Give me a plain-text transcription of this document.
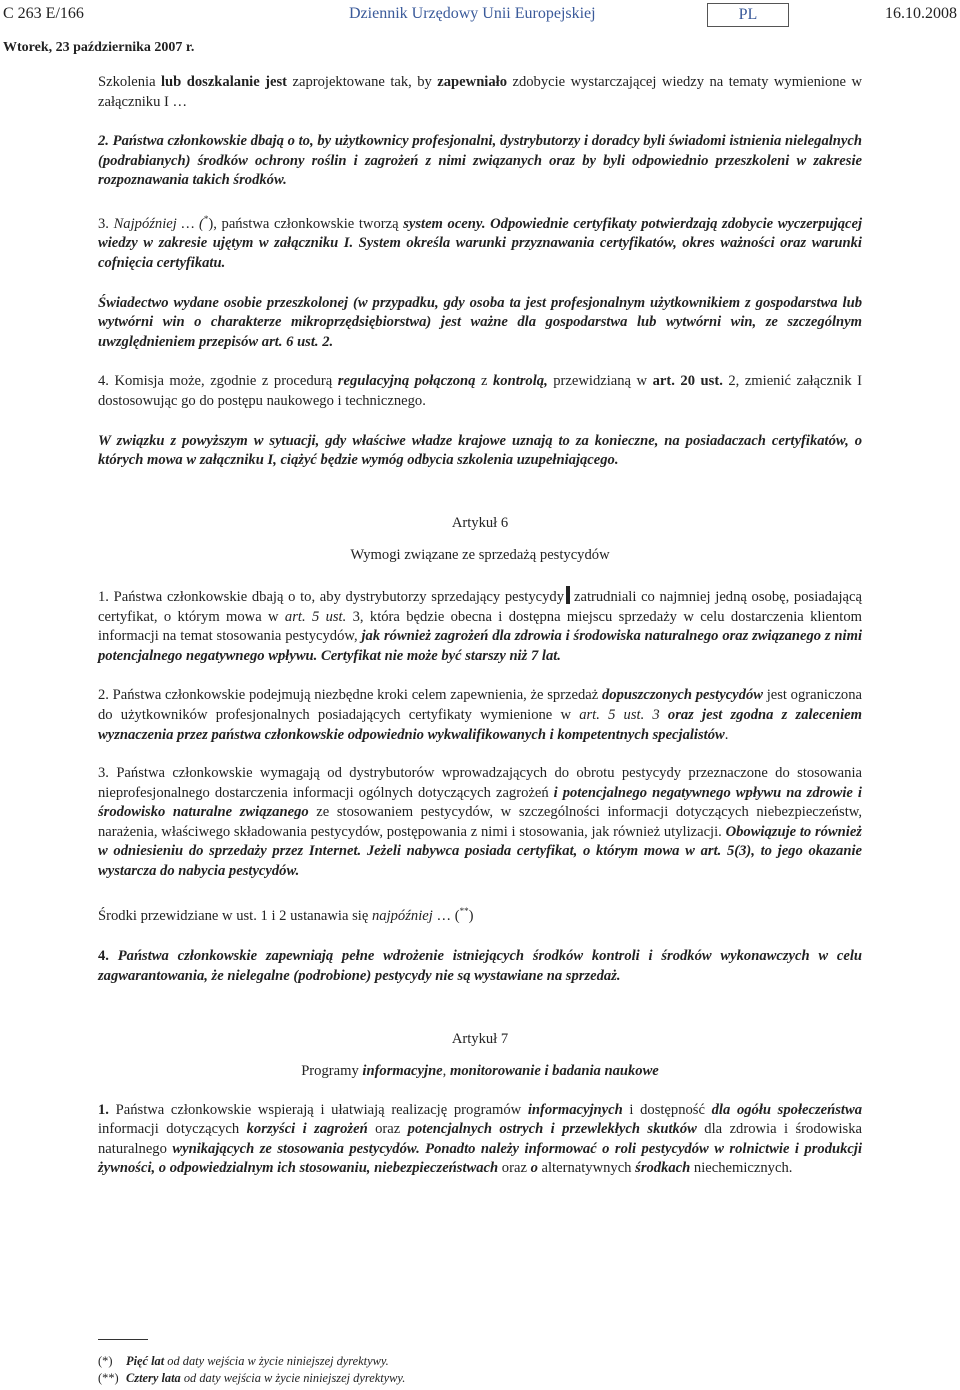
C 263 E/166	Dziennik Urzędowy Unii Europejskiej	PL	16.10.2008
Wtorek, 23 października 2007 r.

Szkolenia lub doszkalanie jest zaprojektowane tak, by zapewniało zdobycie wystarczającej wiedzy na tematy wymienione w załączniku I …

2. Państwa członkowskie dbają o to, by użytkownicy profesjonalni, dystrybutorzy i doradcy byli świadomi istnienia nielegalnych (podrabianych) środków ochrony roślin i zagrożeń z nimi związanych oraz by byli odpowiednio przeszkoleni w zakresie rozpoznawania takich środków.

3. Najpóźniej … (*), państwa członkowskie tworzą system oceny. Odpowiednie certyfikaty potwierdzają zdobycie wyczerpującej wiedzy w zakresie ujętym w załączniku I. System określa warunki przyznawania certyfikatów, okres ważności oraz warunki cofnięcia certyfikatu.

Świadectwo wydane osobie przeszkolonej (w przypadku, gdy osoba ta jest profesjonalnym użytkownikiem z gospodarstwa lub wytwórni win o charakterze mikroprzędsiębiorstwa) jest ważne dla gospodarstwa lub wytwórni win, ze szczególnym uwzględnieniem przepisów art. 6 ust. 2.

4. Komisja może, zgodnie z procedurą regulacyjną połączoną z kontrolą, przewidzianą w art. 20 ust. 2, zmienić załącznik I dostosowując go do postępu naukowego i technicznego.

W związku z powyższym w sytuacji, gdy właściwe władze krajowe uznają to za konieczne, na posiadaczach certyfikatów, o których mowa w załączniku I, ciążyć będzie wymóg odbycia szkolenia uzupełniającego.

Artykuł 6

Wymogi związane ze sprzedażą pestycydów

1. Państwa członkowskie dbają o to, aby dystrybutorzy sprzedający pestycydy zatrudniali co najmniej jedną osobę, posiadającą certyfikat, o którym mowa w art. 5 ust. 3, która będzie obecna i dostępna miejscu sprzedaży w celu dostarczenia klientom informacji na temat stosowania pestycydów, jak również zagrożeń dla zdrowia i środowiska naturalnego oraz związanego z nimi potencjalnego negatywnego wpływu. Certyfikat nie może być starszy niż 7 lat.

2. Państwa członkowskie podejmują niezbędne kroki celem zapewnienia, że sprzedaż dopuszczonych pestycydów jest ograniczona do użytkowników profesjonalnych posiadających certyfikaty wymienione w art. 5 ust. 3 oraz jest zgodna z zaleceniem wyznaczenia przez państwa członkowskie odpowiednio wykwalifikowanych i kompetentnych specjalistów.

3. Państwa członkowskie wymagają od dystrybutorów wprowadzających do obrotu pestycydy przeznaczone do stosowania nieprofesjonalnego dostarczenia informacji ogólnych dotyczących zagrożeń i potencjalnego negatywnego wpływu na zdrowie i środowisko naturalne związanego ze stosowaniem pestycydów, w szczególności informacji dotyczących niebezpieczeństw, narażenia, właściwego składowania pestycydów, postępowania z nimi i stosowania, jak również utylizacji. Obowiązuje to również w odniesieniu do sprzedaży przez Internet. Jeżeli nabywca posiada certyfikat, o którym mowa w art. 5(3), to jego okazanie wystarcza do nabycia pestycydów.

Środki przewidziane w ust. 1 i 2 ustanawia się najpóźniej … (**)

4. Państwa członkowskie zapewniają pełne wdrożenie istniejących środków kontroli i środków wykonawczych w celu zagwarantowania, że nielegalne (podrobione) pestycydy nie są wystawiane na sprzedaż.

Artykuł 7

Programy informacyjne, monitorowanie i badania naukowe

1. Państwa członkowskie wspierają i ułatwiają realizację programów informacyjnych i dostępność dla ogółu społeczeństwa informacji dotyczących korzyści i zagrożeń oraz potencjalnych ostrych i przewlekłych skutków dla zdrowia i środowiska naturalnego wynikających ze stosowania pestycydów. Ponadto należy informować o roli pestycydów w rolnictwie i produkcji żywności, o odpowiedzialnym ich stosowaniu, niebezpieczeństwach oraz o alternatywnych środkach niechemicznych.

(*) Pięć lat od daty wejścia w życie niniejszej dyrektywy.
(**) Cztery lata od daty wejścia w życie niniejszej dyrektywy.
